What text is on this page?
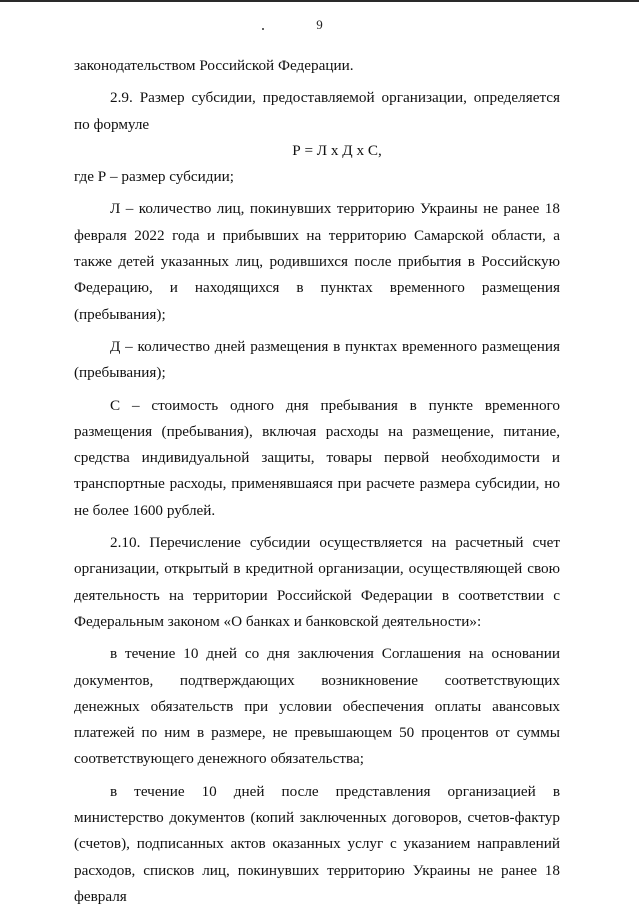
9

законодательством Российской Федерации.

2.9. Размер субсидии, предоставляемой организации, определяется по формуле

Р = Л x Д x С,

где Р – размер субсидии;

Л – количество лиц, покинувших территорию Украины не ранее 18 февраля 2022 года и прибывших на территорию Самарской области, а также детей указанных лиц, родившихся после прибытия в Российскую Федерацию, и находящихся в пунктах временного размещения (пребывания);

Д – количество дней размещения в пунктах временного размещения (пребывания);

С – стоимость одного дня пребывания в пункте временного размещения (пребывания), включая расходы на размещение, питание, средства индивидуальной защиты, товары первой необходимости и транспортные расходы, применявшаяся при расчете размера субсидии, но не более 1600 рублей.

2.10. Перечисление субсидии осуществляется на расчетный счет организации, открытый в кредитной организации, осуществляющей свою деятельность на территории Российской Федерации в соответствии с Федеральным законом «О банках и банковской деятельности»:

в течение 10 дней со дня заключения Соглашения на основании документов, подтверждающих возникновение соответствующих денежных обязательств при условии обеспечения оплаты авансовых платежей по ним в размере, не превышающем 50 процентов от суммы соответствующего денежного обязательства;

в течение 10 дней после представления организацией в министерство документов (копий заключенных договоров, счетов-фактур (счетов), подписанных актов оказанных услуг с указанием направлений расходов, списков лиц, покинувших территорию Украины не ранее 18 февраля
